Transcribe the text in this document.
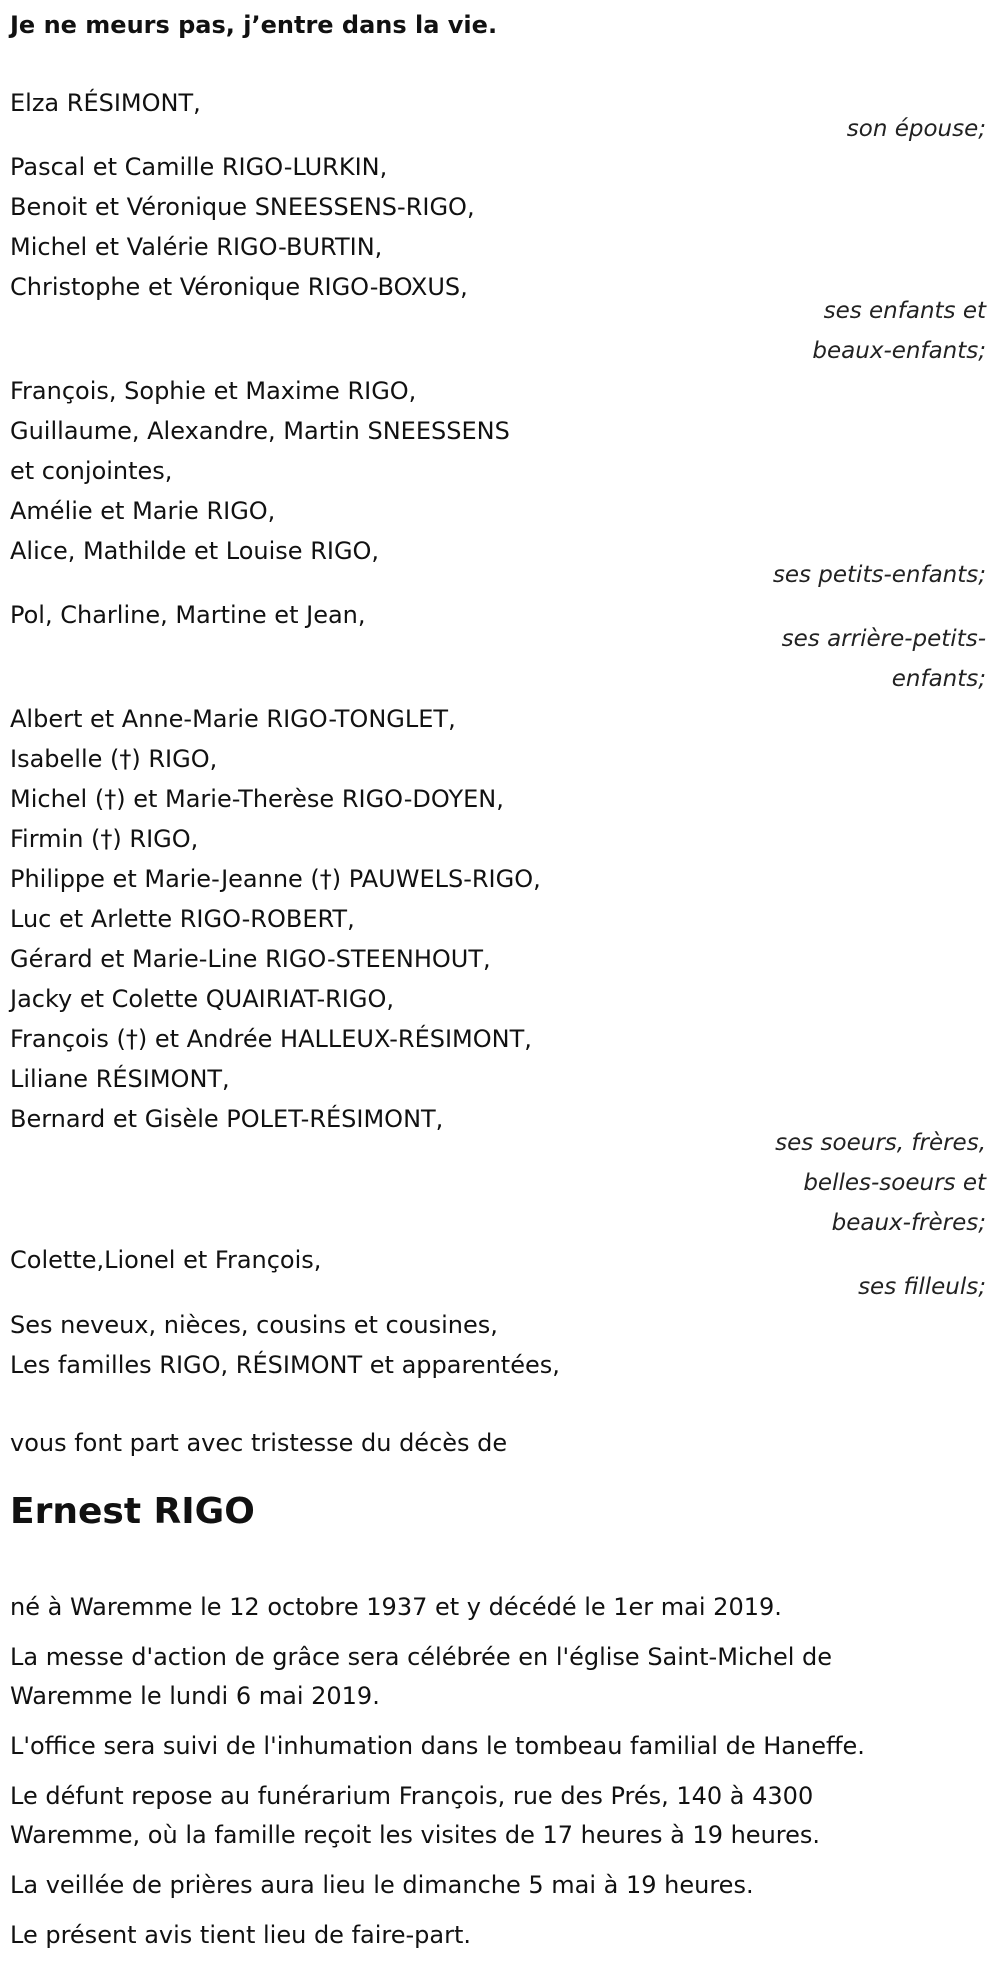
Je ne meurs pas, j’entre dans la vie.
Elza RÉSIMONT,
son épouse;
Pascal et Camille RIGO-LURKIN,
Benoit et Véronique SNEESSENS-RIGO,
Michel et Valérie RIGO-BURTIN,
Christophe et Véronique RIGO-BOXUS,
ses enfants et
beaux-enfants;
François, Sophie et Maxime RIGO,
Guillaume, Alexandre, Martin SNEESSENS
et conjointes,
Amélie et Marie RIGO,
Alice, Mathilde et Louise RIGO,
ses petits-enfants;
Pol, Charline, Martine et Jean,
ses arrière-petits-
enfants;
Albert et Anne-Marie RIGO-TONGLET,
Isabelle (†) RIGO,
Michel (†) et Marie-Therèse RIGO-DOYEN,
Firmin (†) RIGO,
Philippe et Marie-Jeanne (†) PAUWELS-RIGO,
Luc et Arlette RIGO-ROBERT,
Gérard et Marie-Line RIGO-STEENHOUT,
Jacky et Colette QUAIRIAT-RIGO,
François (†) et Andrée HALLEUX-RÉSIMONT,
Liliane RÉSIMONT,
Bernard et Gisèle POLET-RÉSIMONT,
ses soeurs, frères,
belles-soeurs et
beaux-frères;
Colette,Lionel et François,
ses filleuls;
Ses neveux, nièces, cousins et cousines,
Les familles RIGO, RÉSIMONT et apparentées,
vous font part avec tristesse du décès de
Ernest RIGO
né à Waremme le 12 octobre 1937 et y décédé le 1er mai 2019.
La messe d'action de grâce sera célébrée en l'église Saint-Michel de
Waremme le lundi 6 mai 2019.
L'office sera suivi de l'inhumation dans le tombeau familial de Haneffe.
Le défunt repose au funérarium François, rue des Prés, 140 à 4300
Waremme, où la famille reçoit les visites de 17 heures à 19 heures.
La veillée de prières aura lieu le dimanche 5 mai à 19 heures.
Le présent avis tient lieu de faire-part.
